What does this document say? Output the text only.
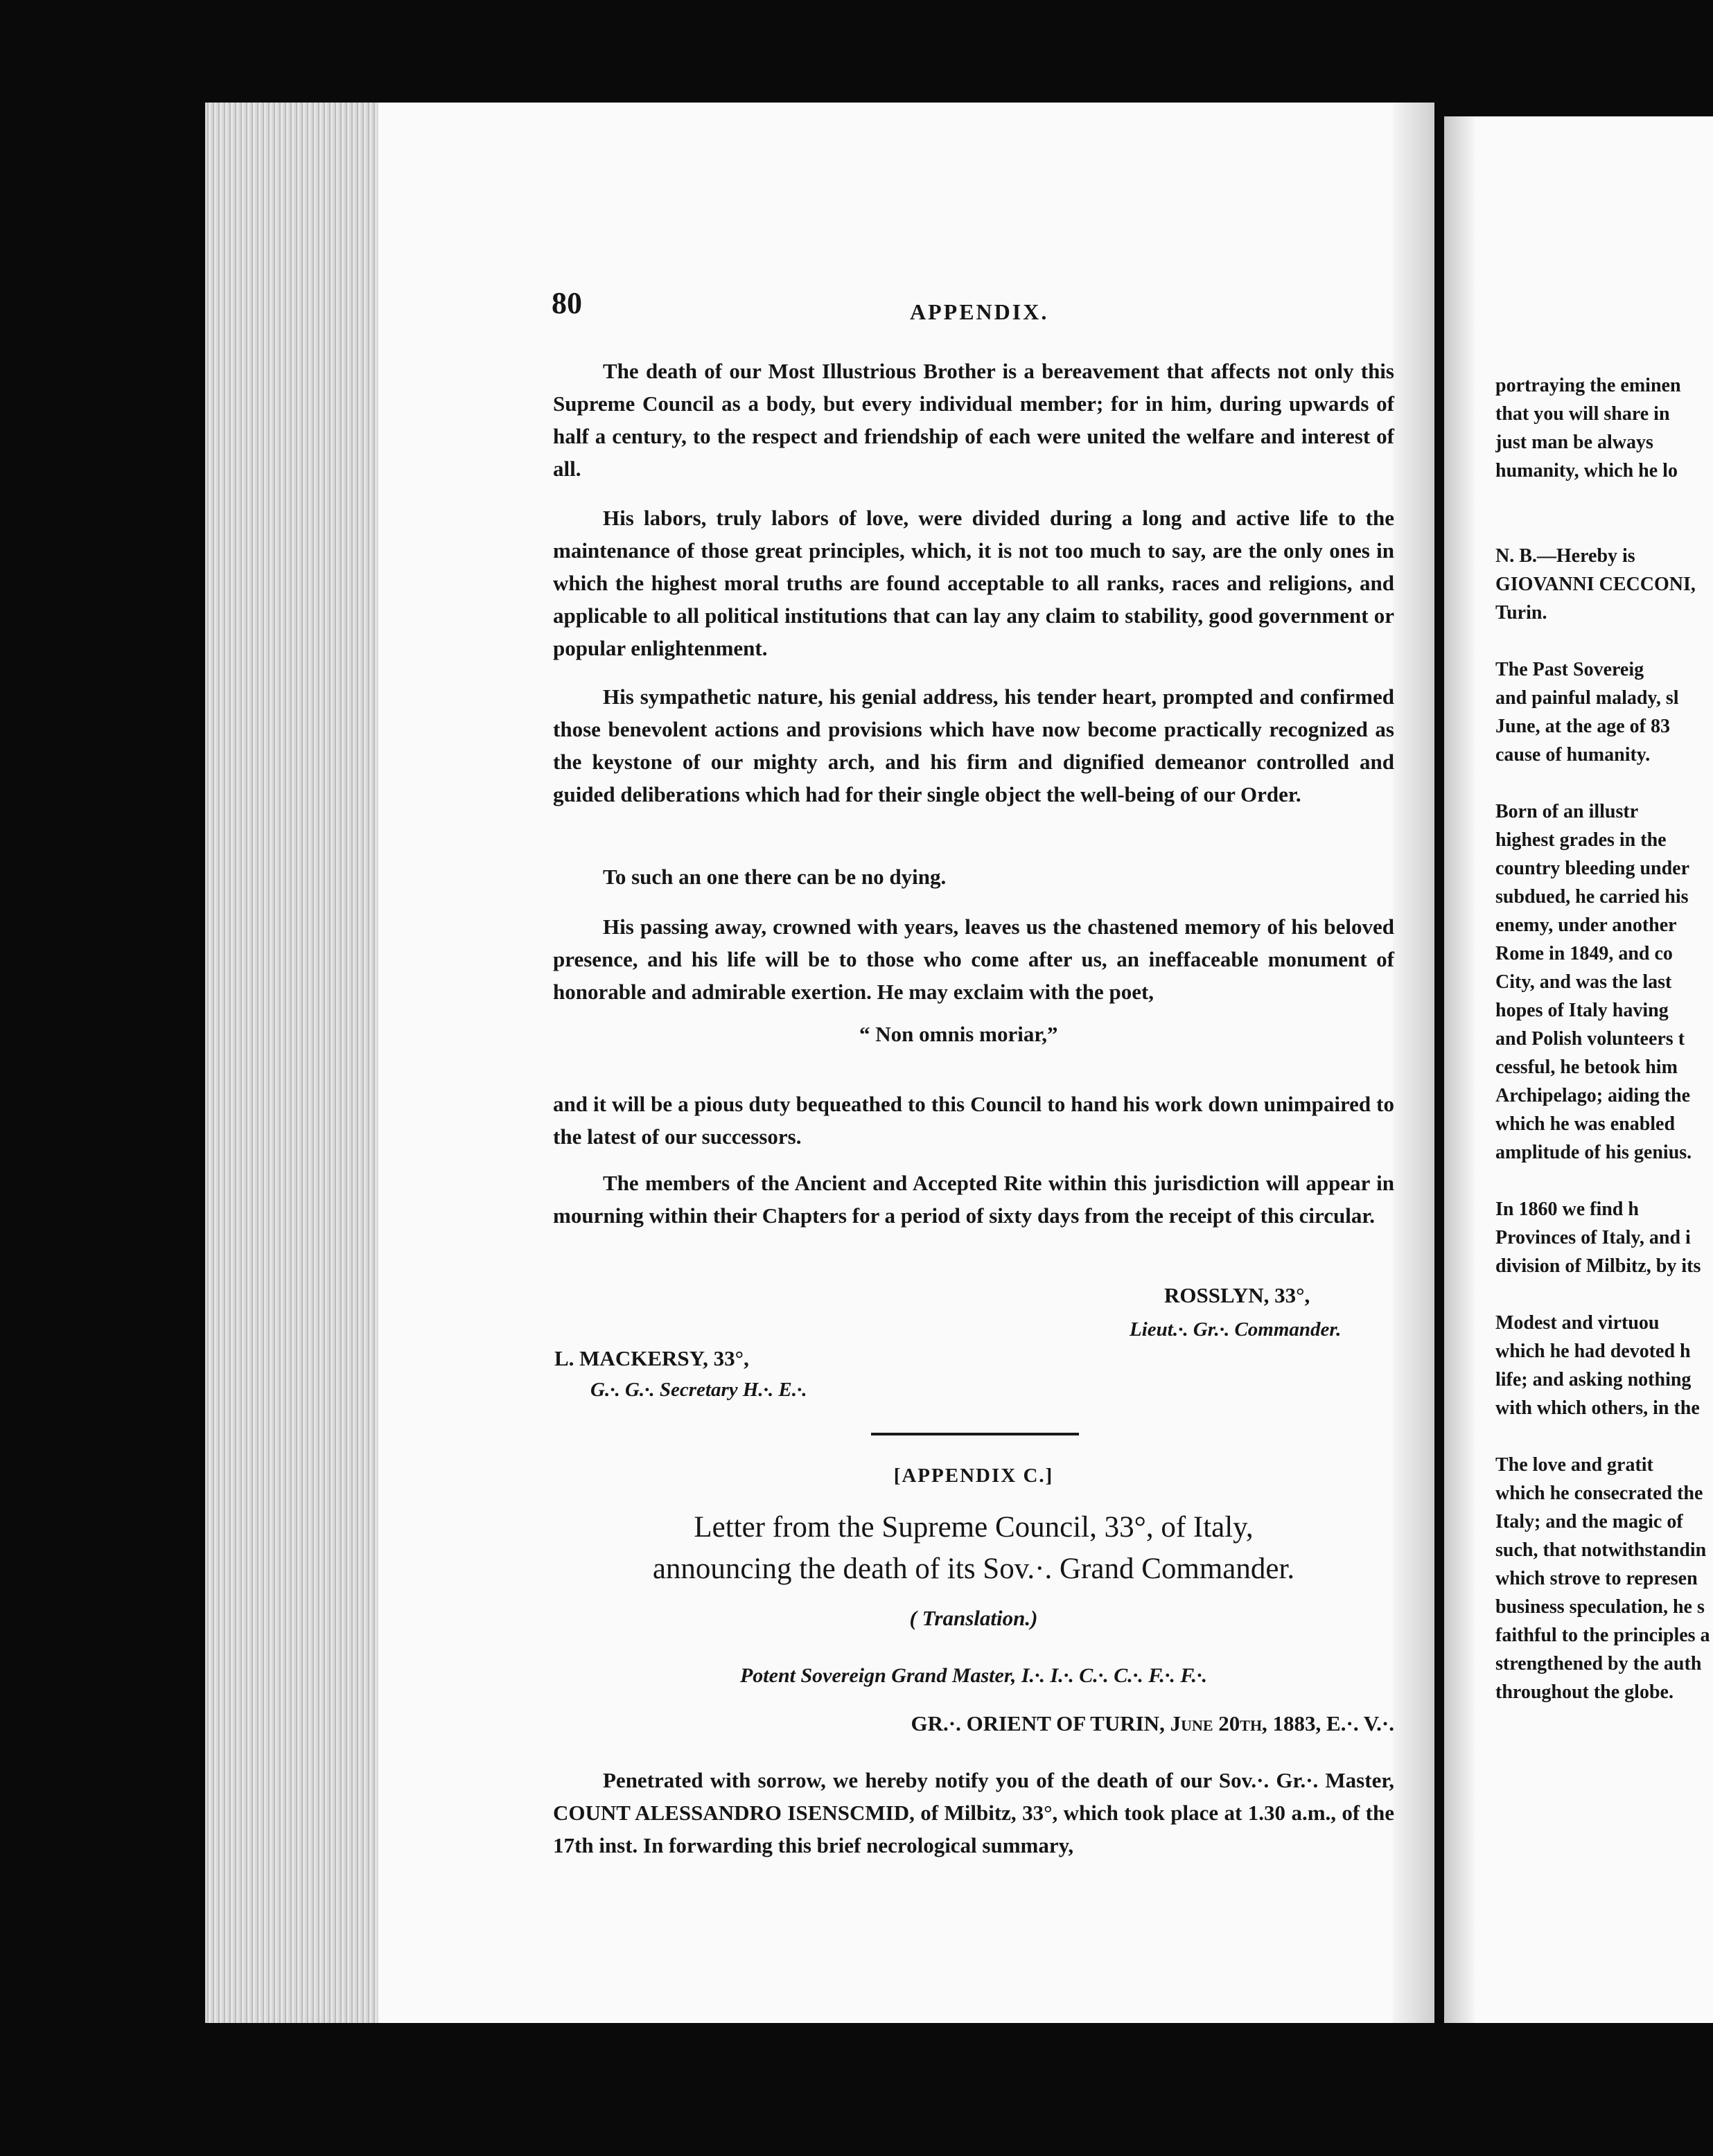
80	APPENDIX.

The death of our Most Illustrious Brother is a bereavement that affects not only this Supreme Council as a body, but every individual member; for in him, during upwards of half a century, to the respect and friendship of each were united the welfare and interest of all.

His labors, truly labors of love, were divided during a long and active life to the maintenance of those great principles, which, it is not too much to say, are the only ones in which the highest moral truths are found acceptable to all ranks, races and religions, and applicable to all political institutions that can lay any claim to stability, good government or popular enlightenment.

His sympathetic nature, his genial address, his tender heart, prompted and confirmed those benevolent actions and provisions which have now become practically recognized as the keystone of our mighty arch, and his firm and dignified demeanor controlled and guided deliberations which had for their single object the well-being of our Order.

To such an one there can be no dying.

His passing away, crowned with years, leaves us the chastened memory of his beloved presence, and his life will be to those who come after us, an ineffaceable monument of honorable and admirable exertion. He may exclaim with the poet,

“ Non omnis moriar,”

and it will be a pious duty bequeathed to this Council to hand his work down unimpaired to the latest of our successors.

The members of the Ancient and Accepted Rite within this jurisdiction will appear in mourning within their Chapters for a period of sixty days from the receipt of this circular.

ROSSLYN, 33°,
Lieut.·. Gr.·. Commander.
L. MACKERSY, 33°,
G.·. G.·. Secretary H.·. E.·.
[APPENDIX C.]
Letter from the Supreme Council, 33°, of Italy,
announcing the death of its Sov.·. Grand Commander.
( Translation.)
Potent Sovereign Grand Master, I.·. I.·. C.·. C.·. F.·. F.·.
GR.·. ORIENT OF TURIN, June 20th, 1883, E.·. V.·.

Penetrated with sorrow, we hereby notify you of the death of our Sov.·. Gr.·. Master, COUNT ALESSANDRO ISENSCMID, of Milbitz, 33°, which took place at 1.30 a.m., of the 17th inst. In forwarding this brief necrological summary,

portraying the eminen
that you will share in
just man be always
humanity, which he lo

N. B.—Hereby is
GIOVANNI CECCONI,
Turin.

The Past Sovereig
and painful malady, sl
June, at the age of 83
cause of humanity.

Born of an illustr
highest grades in the
country bleeding under
subdued, he carried his
enemy, under another
Rome in 1849, and co
City, and was the last
hopes of Italy having
and Polish volunteers t
cessful, he betook him
Archipelago; aiding the
which he was enabled
amplitude of his genius.

In 1860 we find h
Provinces of Italy, and i
division of Milbitz, by its

Modest and virtuou
which he had devoted h
life; and asking nothing
with which others, in the

The love and gratit
which he consecrated the
Italy; and the magic of
such, that notwithstandin
which strove to represen
business speculation, he s
faithful to the principles a
strengthened by the auth
throughout the globe.
